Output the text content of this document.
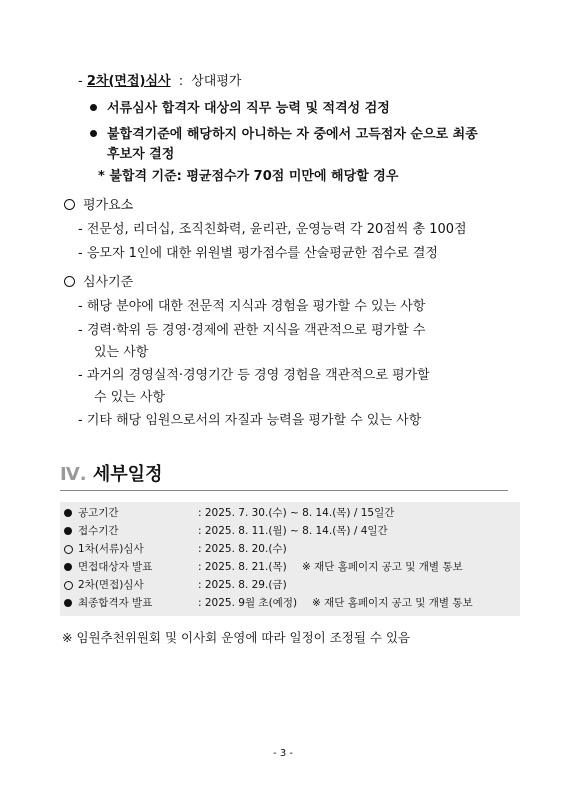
- 2차(면접)심사 : 상대평가
서류심사 합격자 대상의 직무 능력 및 적격성 검정
불합격기준에 해당하지 아니하는 자 중에서 고득점자 순으로 최종
후보자 결정
* 불합격 기준: 평균점수가 70점 미만에 해당할 경우
평가요소
- 전문성, 리더십, 조직친화력, 윤리관, 운영능력 각 20점씩 총 100점
- 응모자 1인에 대한 위원별 평가점수를 산술평균한 점수로 결정
심사기준
- 해당 분야에 대한 전문적 지식과 경험을 평가할 수 있는 사항
- 경력·학위 등 경영·경제에 관한 지식을 객관적으로 평가할 수
있는 사항
- 과거의 경영실적·경영기간 등 경영 경험을 객관적으로 평가할
수 있는 사항
- 기타 해당 임원으로서의 자질과 능력을 평가할 수 있는 사항
Ⅳ. 세부일정
공고기간	: 2025. 7. 30.(수) ~ 8. 14.(목) / 15일간
접수기간	: 2025. 8. 11.(월) ~ 8. 14.(목) / 4일간
1차(서류)심사	: 2025. 8. 20.(수)
면접대상자 발표	: 2025. 8. 21.(목) ※ 재단 홈페이지 공고 및 개별 통보
2차(면접)심사	: 2025. 8. 29.(금)
최종합격자 발표	: 2025. 9월 초(예정) ※ 재단 홈페이지 공고 및 개별 통보
※ 임원추천위원회 및 이사회 운영에 따라 일정이 조정될 수 있음
- 3 -
